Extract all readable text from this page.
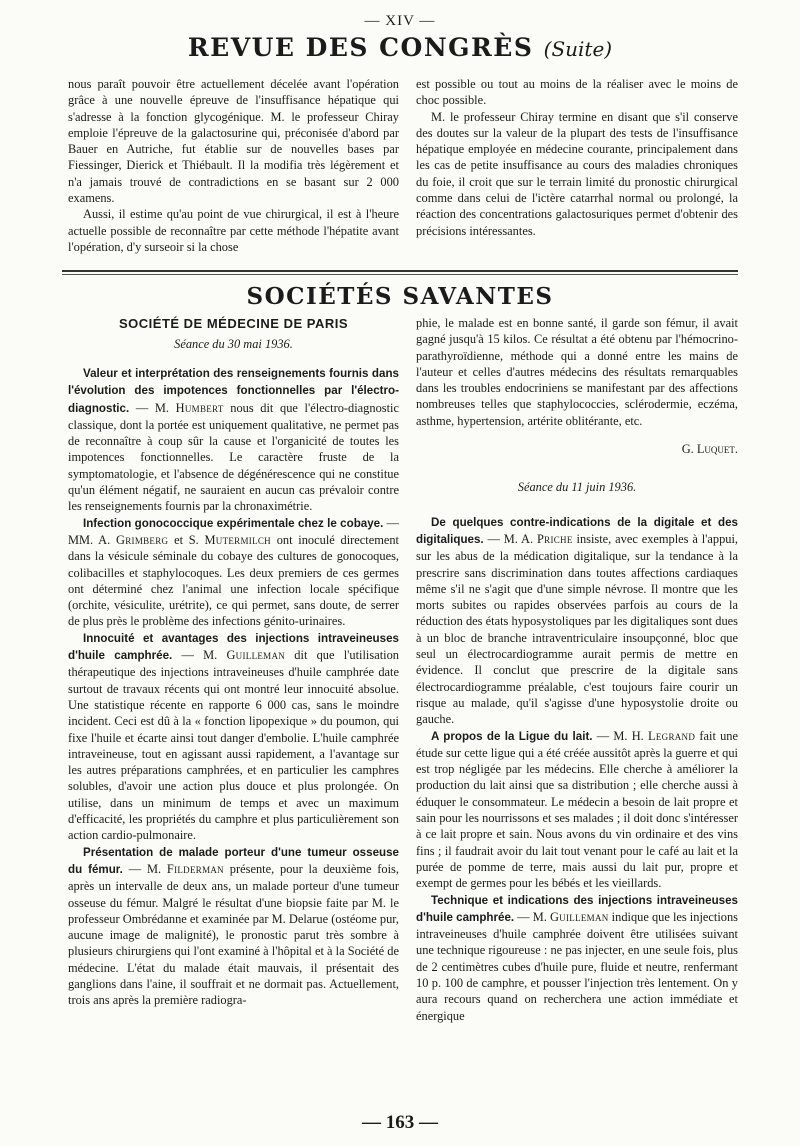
— XIV —
REVUE DES CONGRÈS (Suite)

nous paraît pouvoir être actuellement décelée avant l'opération grâce à une nouvelle épreuve de l'insuffisance hépatique qui s'adresse à la fonction glycogénique. M. le professeur Chiray emploie l'épreuve de la galactosurine qui, préconisée d'abord par Bauer en Autriche, fut établie sur de nouvelles bases par Fiessinger, Dierick et Thiébault. Il la modifia très légèrement et n'a jamais trouvé de contradictions en se basant sur 2 000 examens.

Aussi, il estime qu'au point de vue chirurgical, il est à l'heure actuelle possible de reconnaître par cette méthode l'hépatite avant l'opération, d'y surseoir si la chose

est possible ou tout au moins de la réaliser avec le moins de choc possible.

M. le professeur Chiray termine en disant que s'il conserve des doutes sur la valeur de la plupart des tests de l'insuffisance hépatique employée en médecine courante, principalement dans les cas de petite insuffisance au cours des maladies chroniques du foie, il croit que sur le terrain limité du pronostic chirurgical comme dans celui de l'ictère catarrhal normal ou prolongé, la réaction des concentrations galactosuriques permet d'obtenir des précisions intéressantes.

SOCIÉTÉS SAVANTES
SOCIÉTÉ DE MÉDECINE DE PARIS
Séance du 30 mai 1936.

Valeur et interprétation des renseignements fournis dans l'évolution des impotences fonctionnelles par l'électro-diagnostic. — M. Humbert nous dit que l'électro-diagnostic classique, dont la portée est uniquement qualitative, ne permet pas de reconnaître à coup sûr la cause et l'organicité de toutes les impotences fonctionnelles. Le caractère fruste de la symptomatologie, et l'absence de dégénérescence qui ne constitue qu'un élément négatif, ne sauraient en aucun cas prévaloir contre les renseignements fournis par la chronaximétrie.

Infection gonococcique expérimentale chez le cobaye. — MM. A. Grimberg et S. Mutermilch ont inoculé directement dans la vésicule séminale du cobaye des cultures de gonocoques, colibacilles et staphylocoques. Les deux premiers de ces germes ont déterminé chez l'animal une infection locale spécifique (orchite, vésiculite, urétrite), ce qui permet, sans doute, de serrer de plus près le problème des infections génito-urinaires.

Innocuité et avantages des injections intraveineuses d'huile camphrée. — M. Guilleman dit que l'utilisation thérapeutique des injections intraveineuses d'huile camphrée date surtout de travaux récents qui ont montré leur innocuité absolue. Une statistique récente en rapporte 6 000 cas, sans le moindre incident. Ceci est dû à la « fonction lipopexique » du poumon, qui fixe l'huile et écarte ainsi tout danger d'embolie. L'huile camphrée intraveineuse, tout en agissant aussi rapidement, a l'avantage sur les autres préparations camphrées, et en particulier les camphres solubles, d'avoir une action plus douce et plus prolongée. On utilise, dans un minimum de temps et avec un maximum d'efficacité, les propriétés du camphre et plus particulièrement son action cardio-pulmonaire.

Présentation de malade porteur d'une tumeur osseuse du fémur. — M. Filderman présente, pour la deuxième fois, après un intervalle de deux ans, un malade porteur d'une tumeur osseuse du fémur. Malgré le résultat d'une biopsie faite par M. le professeur Ombrédanne et examinée par M. Delarue (ostéome pur, aucune image de malignité), le pronostic parut très sombre à plusieurs chirurgiens qui l'ont examiné à l'hôpital et à la Société de médecine. L'état du malade était mauvais, il présentait des ganglions dans l'aine, il souffrait et ne dormait pas. Actuellement, trois ans après la première radiogra-

phie, le malade est en bonne santé, il garde son fémur, il avait gagné jusqu'à 15 kilos. Ce résultat a été obtenu par l'hémocrino-parathyroïdienne, méthode qui a donné entre les mains de l'auteur et celles d'autres médecins des résultats remarquables dans les troubles endocriniens se manifestant par des affections nombreuses telles que staphylococcies, sclérodermie, eczéma, asthme, hypertension, artérite oblitérante, etc.

G. Luquet.
Séance du 11 juin 1936.

De quelques contre-indications de la digitale et des digitaliques. — M. A. Priche insiste, avec exemples à l'appui, sur les abus de la médication digitalique, sur la tendance à la prescrire sans discrimination dans toutes affections cardiaques même s'il ne s'agit que d'une simple névrose. Il montre que les morts subites ou rapides observées parfois au cours de la réduction des états hyposystoliques par les digitaliques sont dues à un bloc de branche intraventriculaire insoupçonné, bloc que seul un électrocardiogramme aurait permis de mettre en évidence. Il conclut que prescrire de la digitale sans électrocardiogramme préalable, c'est toujours faire courir un risque au malade, qu'il s'agisse d'une hyposystolie droite ou gauche.

A propos de la Ligue du lait. — M. H. Legrand fait une étude sur cette ligue qui a été créée aussitôt après la guerre et qui est trop négligée par les médecins. Elle cherche à améliorer la production du lait ainsi que sa distribution ; elle cherche aussi à éduquer le consommateur. Le médecin a besoin de lait propre et sain pour les nourrissons et ses malades ; il doit donc s'intéresser à ce lait propre et sain. Nous avons du vin ordinaire et des vins fins ; il faudrait avoir du lait tout venant pour le café au lait et la purée de pomme de terre, mais aussi du lait pur, propre et exempt de germes pour les bébés et les vieillards.

Technique et indications des injections intraveineuses d'huile camphrée. — M. Guilleman indique que les injections intraveineuses d'huile camphrée doivent être utilisées suivant une technique rigoureuse : ne pas injecter, en une seule fois, plus de 2 centimètres cubes d'huile pure, fluide et neutre, renfermant 10 p. 100 de camphre, et pousser l'injection très lentement. On y aura recours quand on recherchera une action immédiate et énergique

— 163 —
